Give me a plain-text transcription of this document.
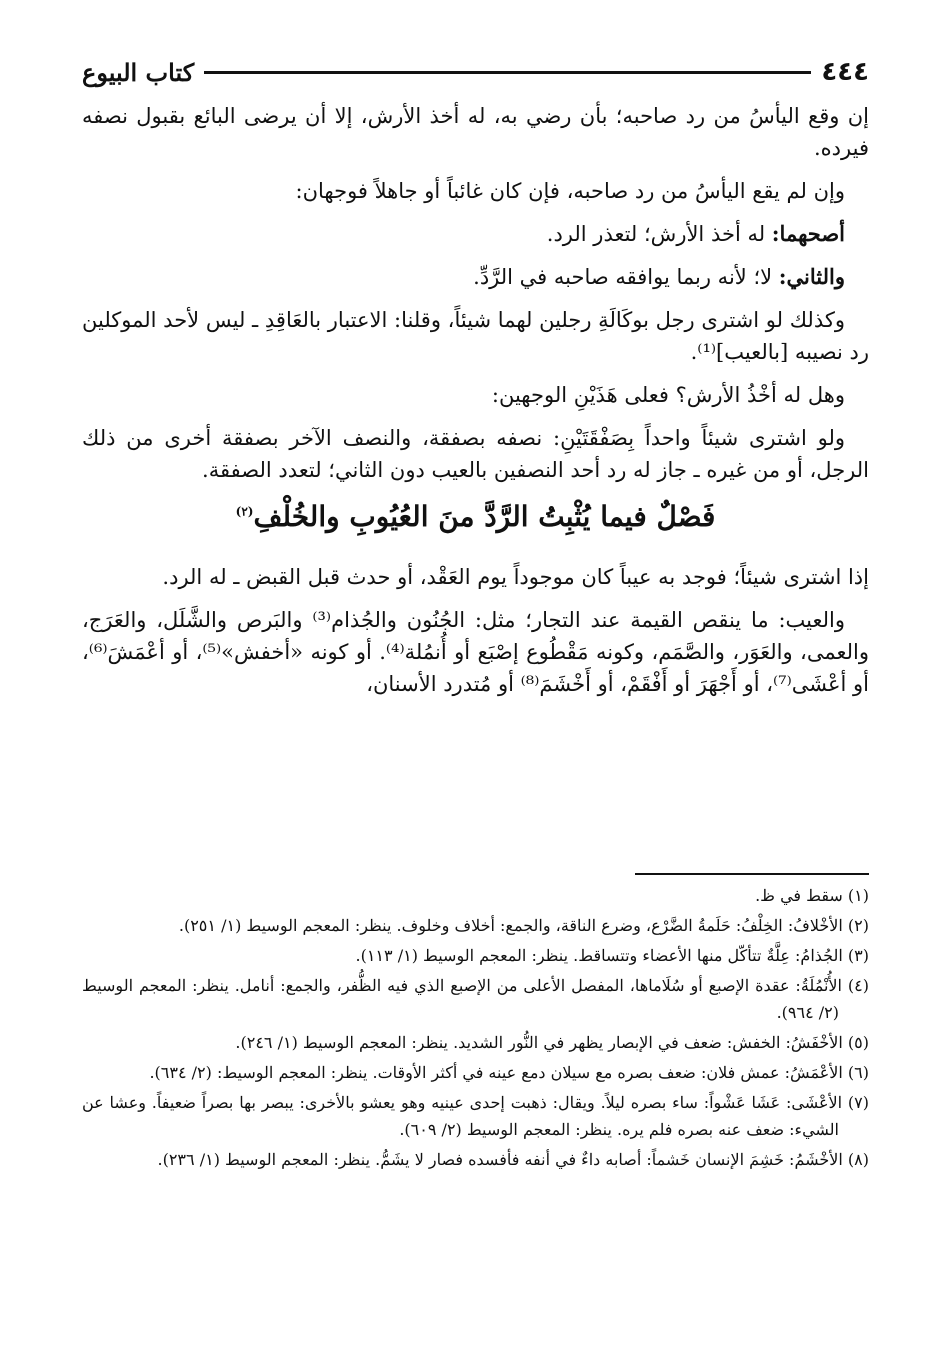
٤٤٤
كتاب البيوع

إن وقع اليأسُ من رد صاحبه؛ بأن رضي به، له أخذ الأرش، إلا أن يرضى البائع بقبول نصفه فيرده.

وإن لم يقع اليأسُ من رد صاحبه، فإن كان غائباً أو جاهلاً فوجهان:

أصحهما: له أخذ الأرش؛ لتعذر الرد.

والثاني: لا؛ لأنه ربما يوافقه صاحبه في الرَّدِّ.

وكذلك لو اشترى رجل بوكَالَةِ رجلين لهما شيئاً، وقلنا: الاعتبار بالعَاقِدِ ـ ليس لأحد الموكلين رد نصيبه [بالعيب]⁽¹⁾.

وهل له أخْذُ الأرش؟ فعلى هَذَيْنِ الوجهين:

ولو اشترى شيئاً واحداً بِصَفْقَتَيْنِ: نصفه بصفقة، والنصف الآخر بصفقة أخرى من ذلك الرجل، أو من غيره ـ جاز له رد أحد النصفين بالعيب دون الثاني؛ لتعدد الصفقة.

فَصْلٌ فيما يُثْبِتُ الرَّدَّ منَ العُيُوبِ والخُلْفِ$^{(٢)}$

إذا اشترى شيئاً؛ فوجد به عيباً كان موجوداً يوم العَقْد، أو حدث قبل القبض ـ له الرد.

والعيب: ما ينقص القيمة عند التجار؛ مثل: الجُنُون والجُذام⁽³⁾ والبَرص والشَّلَل، والعَرَج، والعمى، والعَوَر، والصَّمَم، وكونه مَقْطُوع إصْبَع أو أُنمُلة⁽⁴⁾. أو كونه «أخفش»⁽⁵⁾، أو أعْمَشَ⁽⁶⁾، أو أعْشَى⁽⁷⁾، أو أَجْهَرَ أو أَفْقَمْ، أو أَخْشَمَ⁽⁸⁾ أو مُتدرد الأسنان،

(١) سقط في ظ.
(٢) الأخْلافُ: الخِلْفُ: حَلَمةُ الضَّرْع، وضرع الناقة، والجمع: أخلاف وخلوف. ينظر: المعجم الوسيط (١/ ٢٥١).
(٣) الجُذامُ: عِلَّةٌ تتأكّل منها الأعضاء وتتساقط. ينظر: المعجم الوسيط (١/ ١١٣).
(٤) الأُنْمُلَةُ: عقدة الإصبع أو سُلَاماها، المفصل الأعلى من الإصبع الذي فيه الظُّفر، والجمع: أنامل. ينظر: المعجم الوسيط (٢/ ٩٦٤).
(٥) الأخْفَشُ: الخفش: ضعف في الإبصار يظهر في النُّور الشديد. ينظر: المعجم الوسيط (١/ ٢٤٦).
(٦) الأعْمَشُ: عمش فلان: ضعف بصره مع سيلان دمع عينه في أكثر الأوقات. ينظر: المعجم الوسيط: (٢/ ٦٣٤).
(٧) الأعْشَى: عَشَا عَشْواً: ساء بصره ليلاً. ويقال: ذهبت إحدى عينيه وهو يعشو بالأخرى: يبصر بها بصراً ضعيفاً. وعشا عن الشيء: ضعف عنه بصره فلم يره. ينظر: المعجم الوسيط (٢/ ٦٠٩).
(٨) الأخْشَمُ: خَشِمَ الإنسان خَشماً: أصابه داءٌ في أنفه فأفسده فصار لا يشَمُّ. ينظر: المعجم الوسيط (١/ ٢٣٦).
